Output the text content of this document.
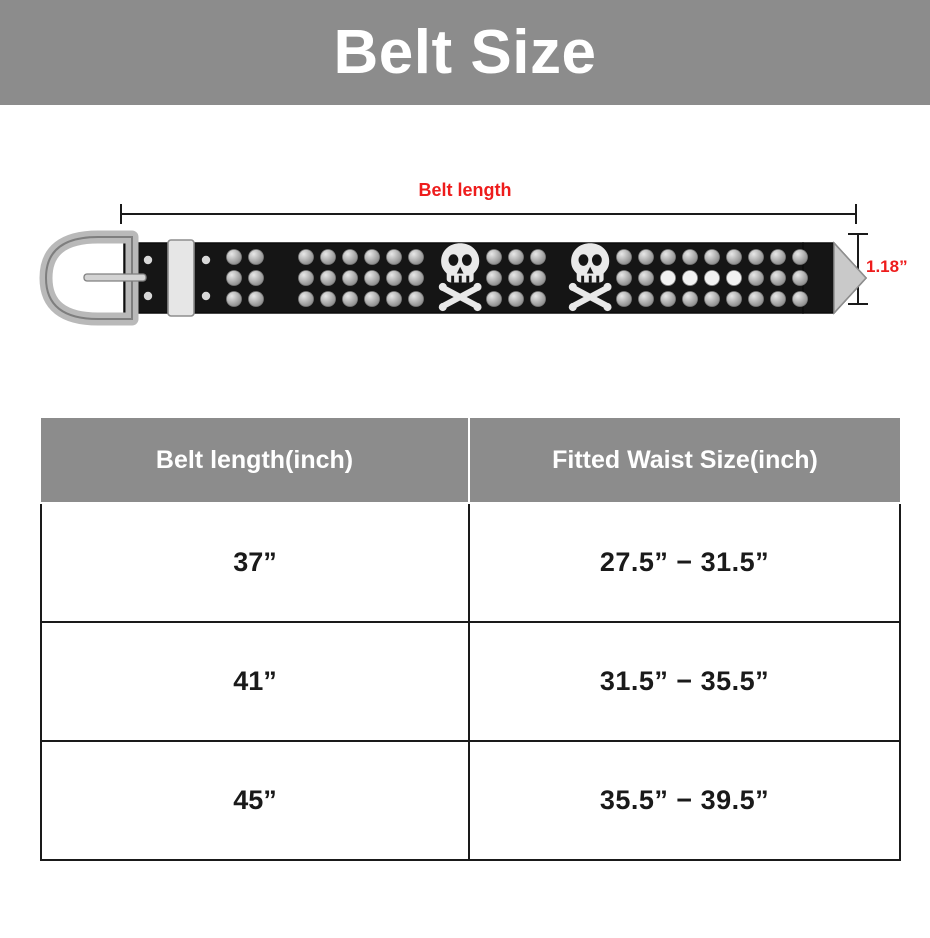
Belt Size
Belt length
1.18”
Belt length(inch)	Fitted Waist Size(inch)
37”	27.5” − 31.5”
41”	31.5” − 35.5”
45”	35.5” − 39.5”
